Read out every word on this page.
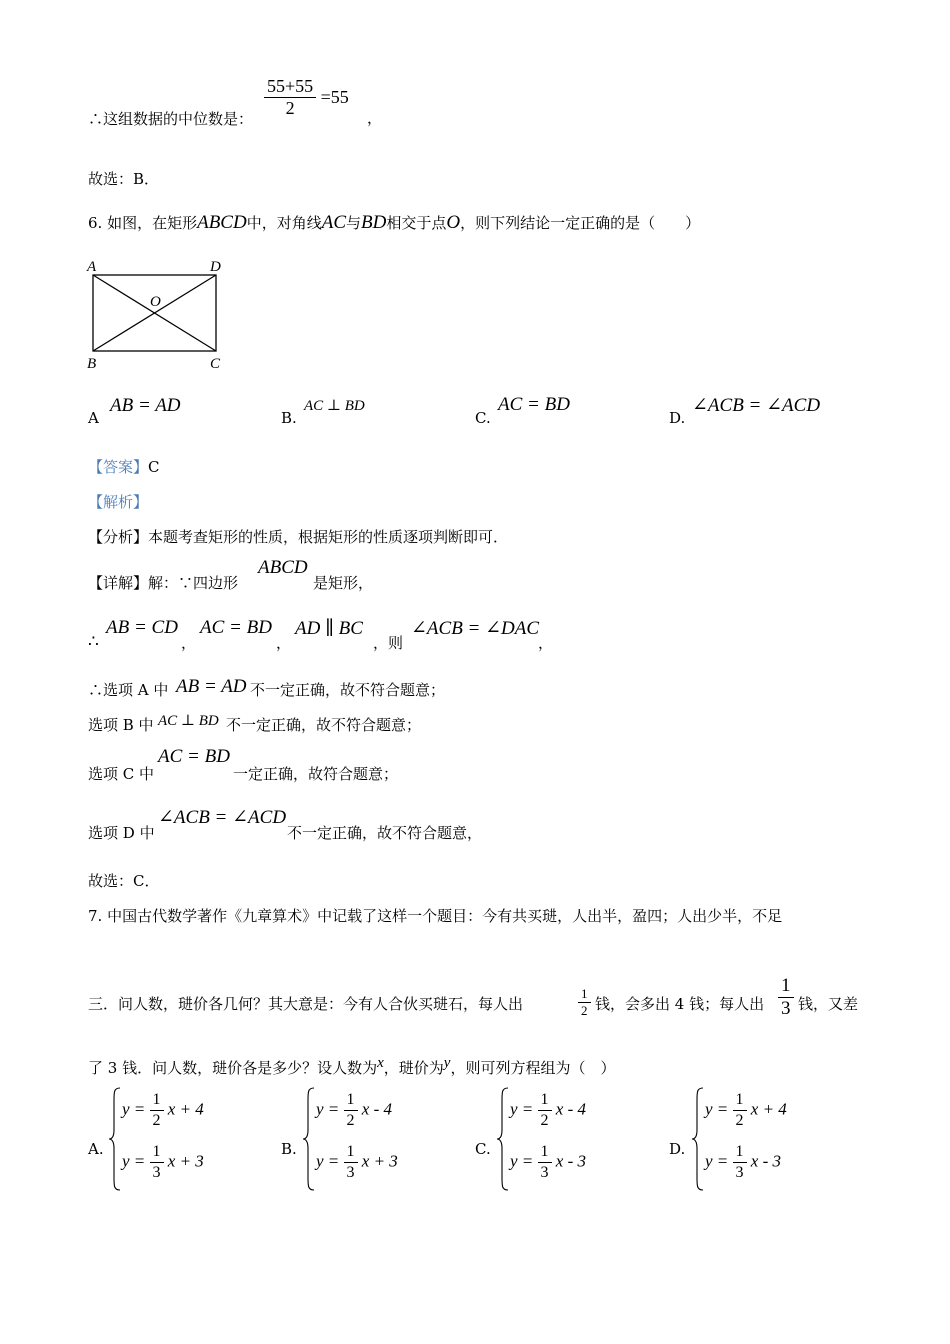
∴这组数据的中位数是： $\frac{55+55}{2} =55$
，
故选：B．
6. 如图，在矩形ABCD中，对角线AC与BD相交于点O，则下列结论一定正确的是（　　）
A	D
O
B	C
A
AB = AD
B.
AC ⊥ BD
C.
AC = BD
D.
∠ACB = ∠ACD
【答案】C
【解析】
【分析】本题考查矩形的性质，根据矩形的性质逐项判断即可．
【详解】解：∵四边形
ABCD
是矩形，
∴
AB = CD
，
AC = BD
，
AD ∥ BC
，则
∠ACB = ∠DAC
，
∴选项 A 中 AB = AD 不一定正确，故不符合题意；
选项 B 中 AC ⊥ BD 不一定正确，故不符合题意；
选项 C 中
AC = BD
一定正确，故符合题意；
选项 D 中
∠ACB = ∠ACD
不一定正确，故不符合题意，
故选：C．
7. 中国古代数学著作《九章算术》中记载了这样一个题目：今有共买琎，人出半，盈四；人出少半，不足
三．问人数，琎价各几何？其大意是：今有人合伙买琎石，每人出	$\frac{1}{2}$ 钱，会多出 4 钱；每人出 $\frac{1}{3}$ 钱，又差
了 3 钱．问人数，琎价各是多少？设人数为x，琎价为y，则可列方程组为（　）
A.
$y = \frac{1}{2}$ x + 4
$y = \frac{1}{3}$ x + 3
B.
$y = \frac{1}{2}$ x - 4
$y = \frac{1}{3}$ x + 3
C.
$y = \frac{1}{2}$ x - 4
$y = \frac{1}{3}$ x - 3
D.
$y = \frac{1}{2}$ x + 4
$y = \frac{1}{3}$ x - 3
